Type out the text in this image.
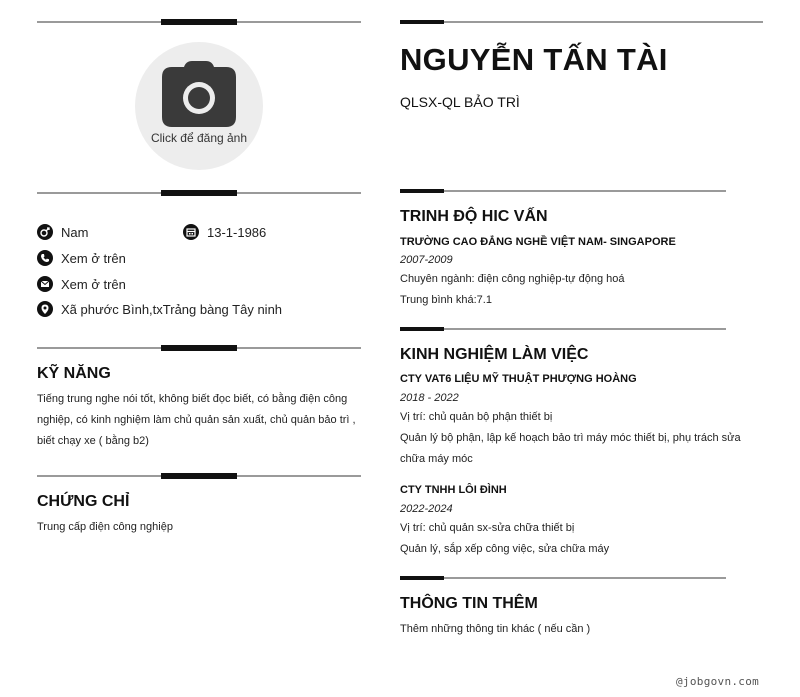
Click để đăng ảnh
Nam	13-1-1986
Xem ở trên
Xem ở trên
Xã phước Bình,txTrảng bàng Tây ninh
KỸ NĂNG
Tiếng trung nghe nói tốt, không biết đọc biết, có bằng điện công nghiệp, có kinh nghiệm làm chủ quản sản xuất, chủ quản bảo trì , biết chạy xe ( bằng b2)
CHỨNG CHỈ
Trung cấp điện công nghiệp
NGUYỄN TẤN TÀI
QLSX-QL BẢO TRÌ
TRINH ĐỘ HIC VẤN
TRƯỜNG CAO ĐẲNG NGHỀ VIỆT NAM- SINGAPORE
2007-2009
Chuyên ngành: điện công nghiệp-tự động hoá
Trung bình khá:7.1
KINH NGHIỆM LÀM VIỆC
CTY VAT6 LIỆU MỸ THUẬT PHƯỢNG HOÀNG
2018 - 2022
Vị trí: chủ quản bộ phận thiết bị
Quản lý bộ phận, lập kế hoạch bảo trì máy móc thiết bị, phụ trách sửa chữa máy móc
CTY TNHH LÔI ĐÌNH
2022-2024
Vị trí: chủ quản sx-sửa chữa thiết bị
Quản lý, sắp xếp công việc, sửa chữa máy
THÔNG TIN THÊM
Thêm những thông tin khác ( nếu cần )
@jobgovn.com
